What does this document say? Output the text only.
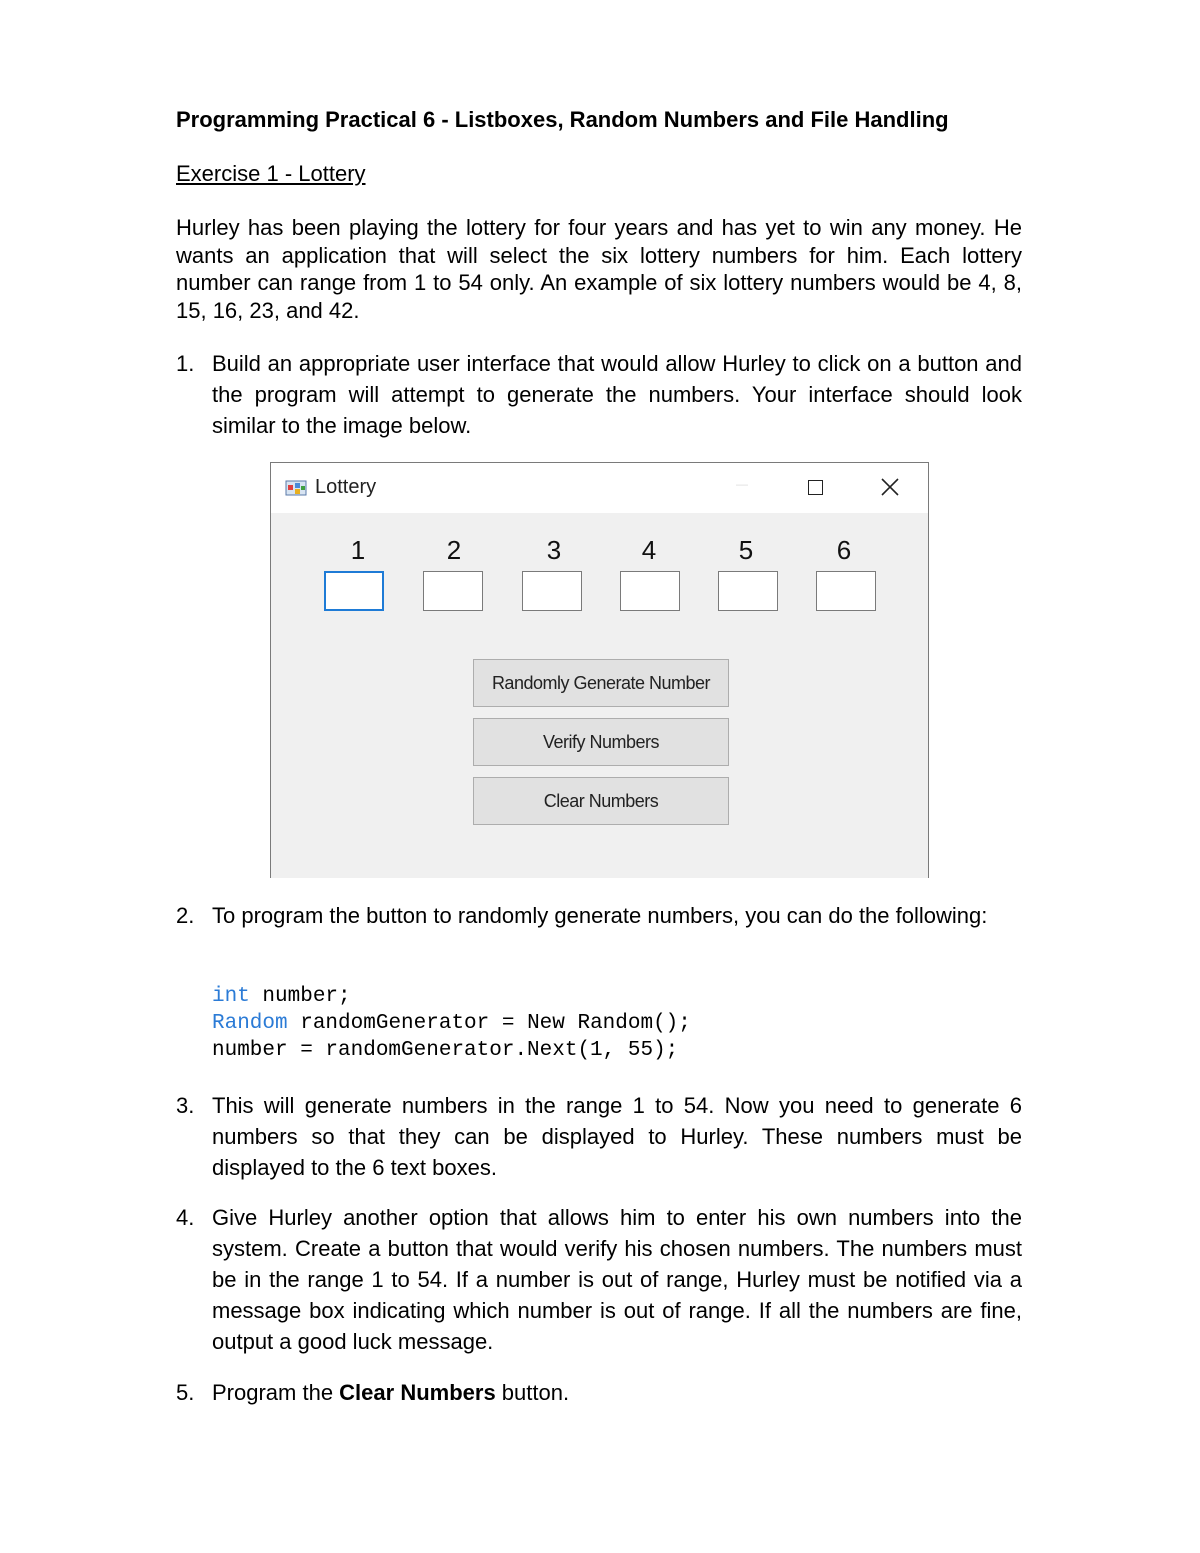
Programming Practical 6 - Listboxes, Random Numbers and File Handling
Exercise 1 - Lottery
Hurley has been playing the lottery for four years and has yet to win any money. He wants an application that will select the six lottery numbers for him. Each lottery number can range from 1 to 54 only. An example of six lottery numbers would be 4, 8, 15, 16, 23, and 42.
1. Build an appropriate user interface that would allow Hurley to click on a button and the program will attempt to generate the numbers. Your interface should look similar to the image below.
Lottery	—
1	2	3	4	5	6
Randomly Generate Number
Verify Numbers
Clear Numbers
2. To program the button to randomly generate numbers, you can do the following:
int number;
Random randomGenerator = New Random();
number = randomGenerator.Next(1, 55);
3. This will generate numbers in the range 1 to 54. Now you need to generate 6 numbers so that they can be displayed to Hurley. These numbers must be displayed to the 6 text boxes.
4. Give Hurley another option that allows him to enter his own numbers into the system. Create a button that would verify his chosen numbers. The numbers must be in the range 1 to 54. If a number is out of range, Hurley must be notified via a message box indicating which number is out of range. If all the numbers are fine, output a good luck message.
5. Program the Clear Numbers button.
